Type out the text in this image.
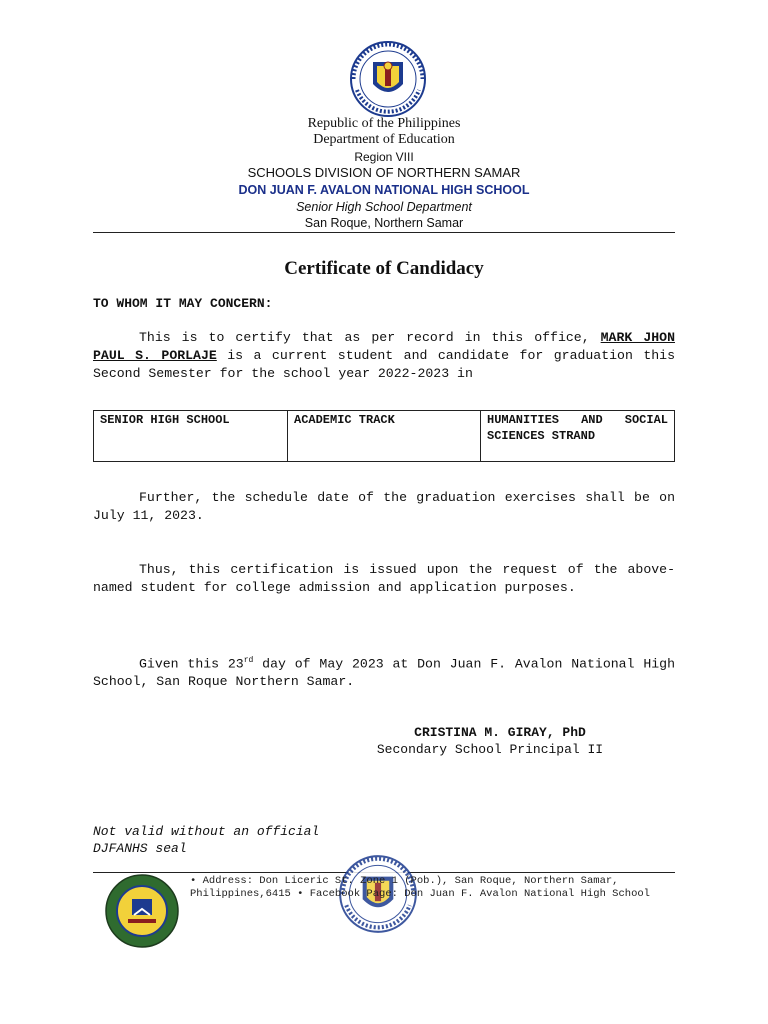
Republic of the Philippines
Department of Education
Region VIII
SCHOOLS DIVISION OF NORTHERN SAMAR
DON JUAN F. AVALON NATIONAL HIGH SCHOOL
Senior High School Department
San Roque, Northern Samar
Certificate of Candidacy
TO WHOM IT MAY CONCERN:
This is to certify that as per record in this office, MARK JHON PAUL S. PORLAJE is a current student and candidate for graduation this Second Semester for the school year 2022-2023 in
SENIOR HIGH SCHOOL	ACADEMIC TRACK	HUMANITIES AND SOCIAL SCIENCES STRAND
Further, the schedule date of the graduation exercises shall be on July 11, 2023.
Thus, this certification is issued upon the request of the above-named student for college admission and application purposes.
Given this 23rd day of May 2023 at Don Juan F. Avalon National High School, San Roque Northern Samar.
CRISTINA M. GIRAY, PhD
Secondary School Principal II
Not valid without an official DJFANHS seal
• Address: Don Liceric St. Zone 1 (Pob.), San Roque, Northern Samar, Philippines,6415 • Facebook Page: Don Juan F. Avalon National High School
